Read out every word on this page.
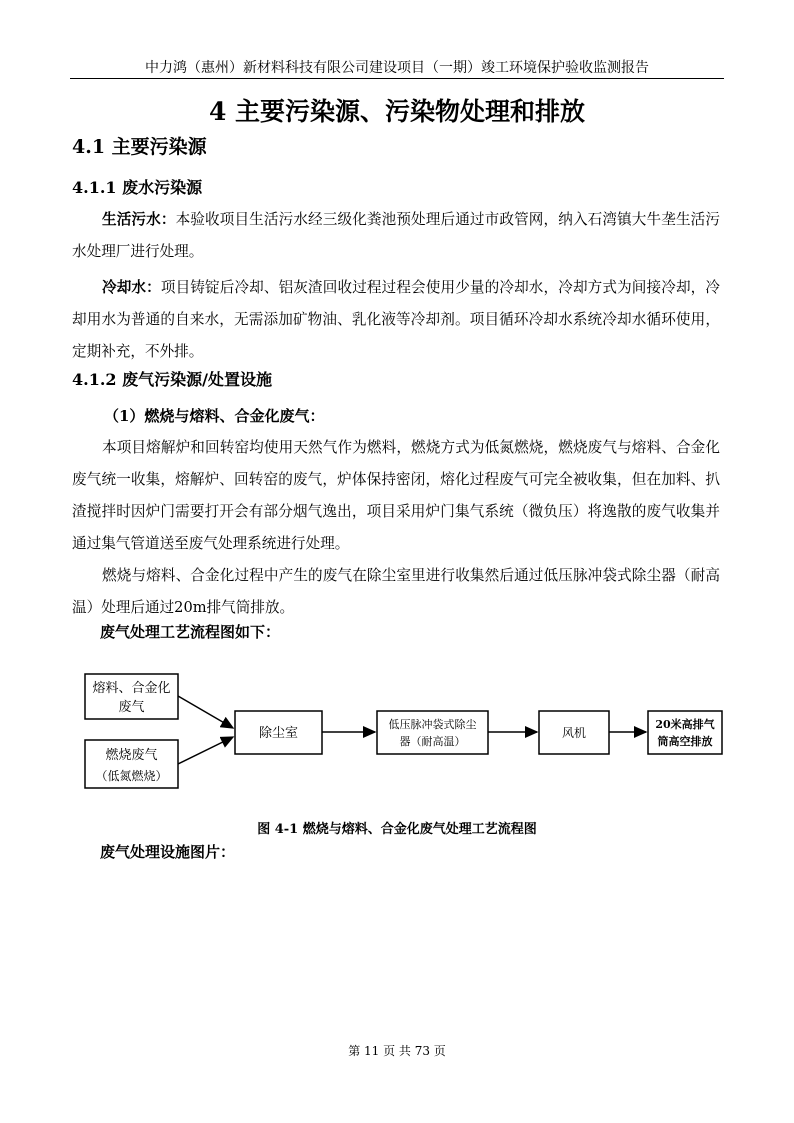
中力鸿（惠州）新材料科技有限公司建设项目（一期）竣工环境保护验收监测报告
4 主要污染源、污染物处理和排放
4.1 主要污染源
4.1.1 废水污染源
生活污水：本验收项目生活污水经三级化粪池预处理后通过市政管网，纳入石湾镇大牛垄生活污水处理厂进行处理。
冷却水：项目铸锭后冷却、铝灰渣回收过程过程会使用少量的冷却水，冷却方式为间接冷却，冷却用水为普通的自来水，无需添加矿物油、乳化液等冷却剂。项目循环冷却水系统冷却水循环使用，定期补充，不外排。
4.1.2 废气污染源/处置设施
（1）燃烧与熔料、合金化废气：
本项目熔解炉和回转窑均使用天然气作为燃料，燃烧方式为低氮燃烧，燃烧废气与熔料、合金化废气统一收集，熔解炉、回转窑的废气，炉体保持密闭，熔化过程废气可完全被收集，但在加料、扒渣搅拌时因炉门需要打开会有部分烟气逸出，项目采用炉门集气系统（微负压）将逸散的废气收集并通过集气管道送至废气处理系统进行处理。
燃烧与熔料、合金化过程中产生的废气在除尘室里进行收集然后通过低压脉冲袋式除尘器（耐高温）处理后通过20m排气筒排放。
废气处理工艺流程图如下：
熔料、合金化
废气
燃烧废气
（低氮燃烧）
除尘室
低压脉冲袋式除尘
器（耐高温）
风机
20米高排气
筒高空排放
图 4-1 燃烧与熔料、合金化废气处理工艺流程图
废气处理设施图片：
第 11 页 共 73 页
